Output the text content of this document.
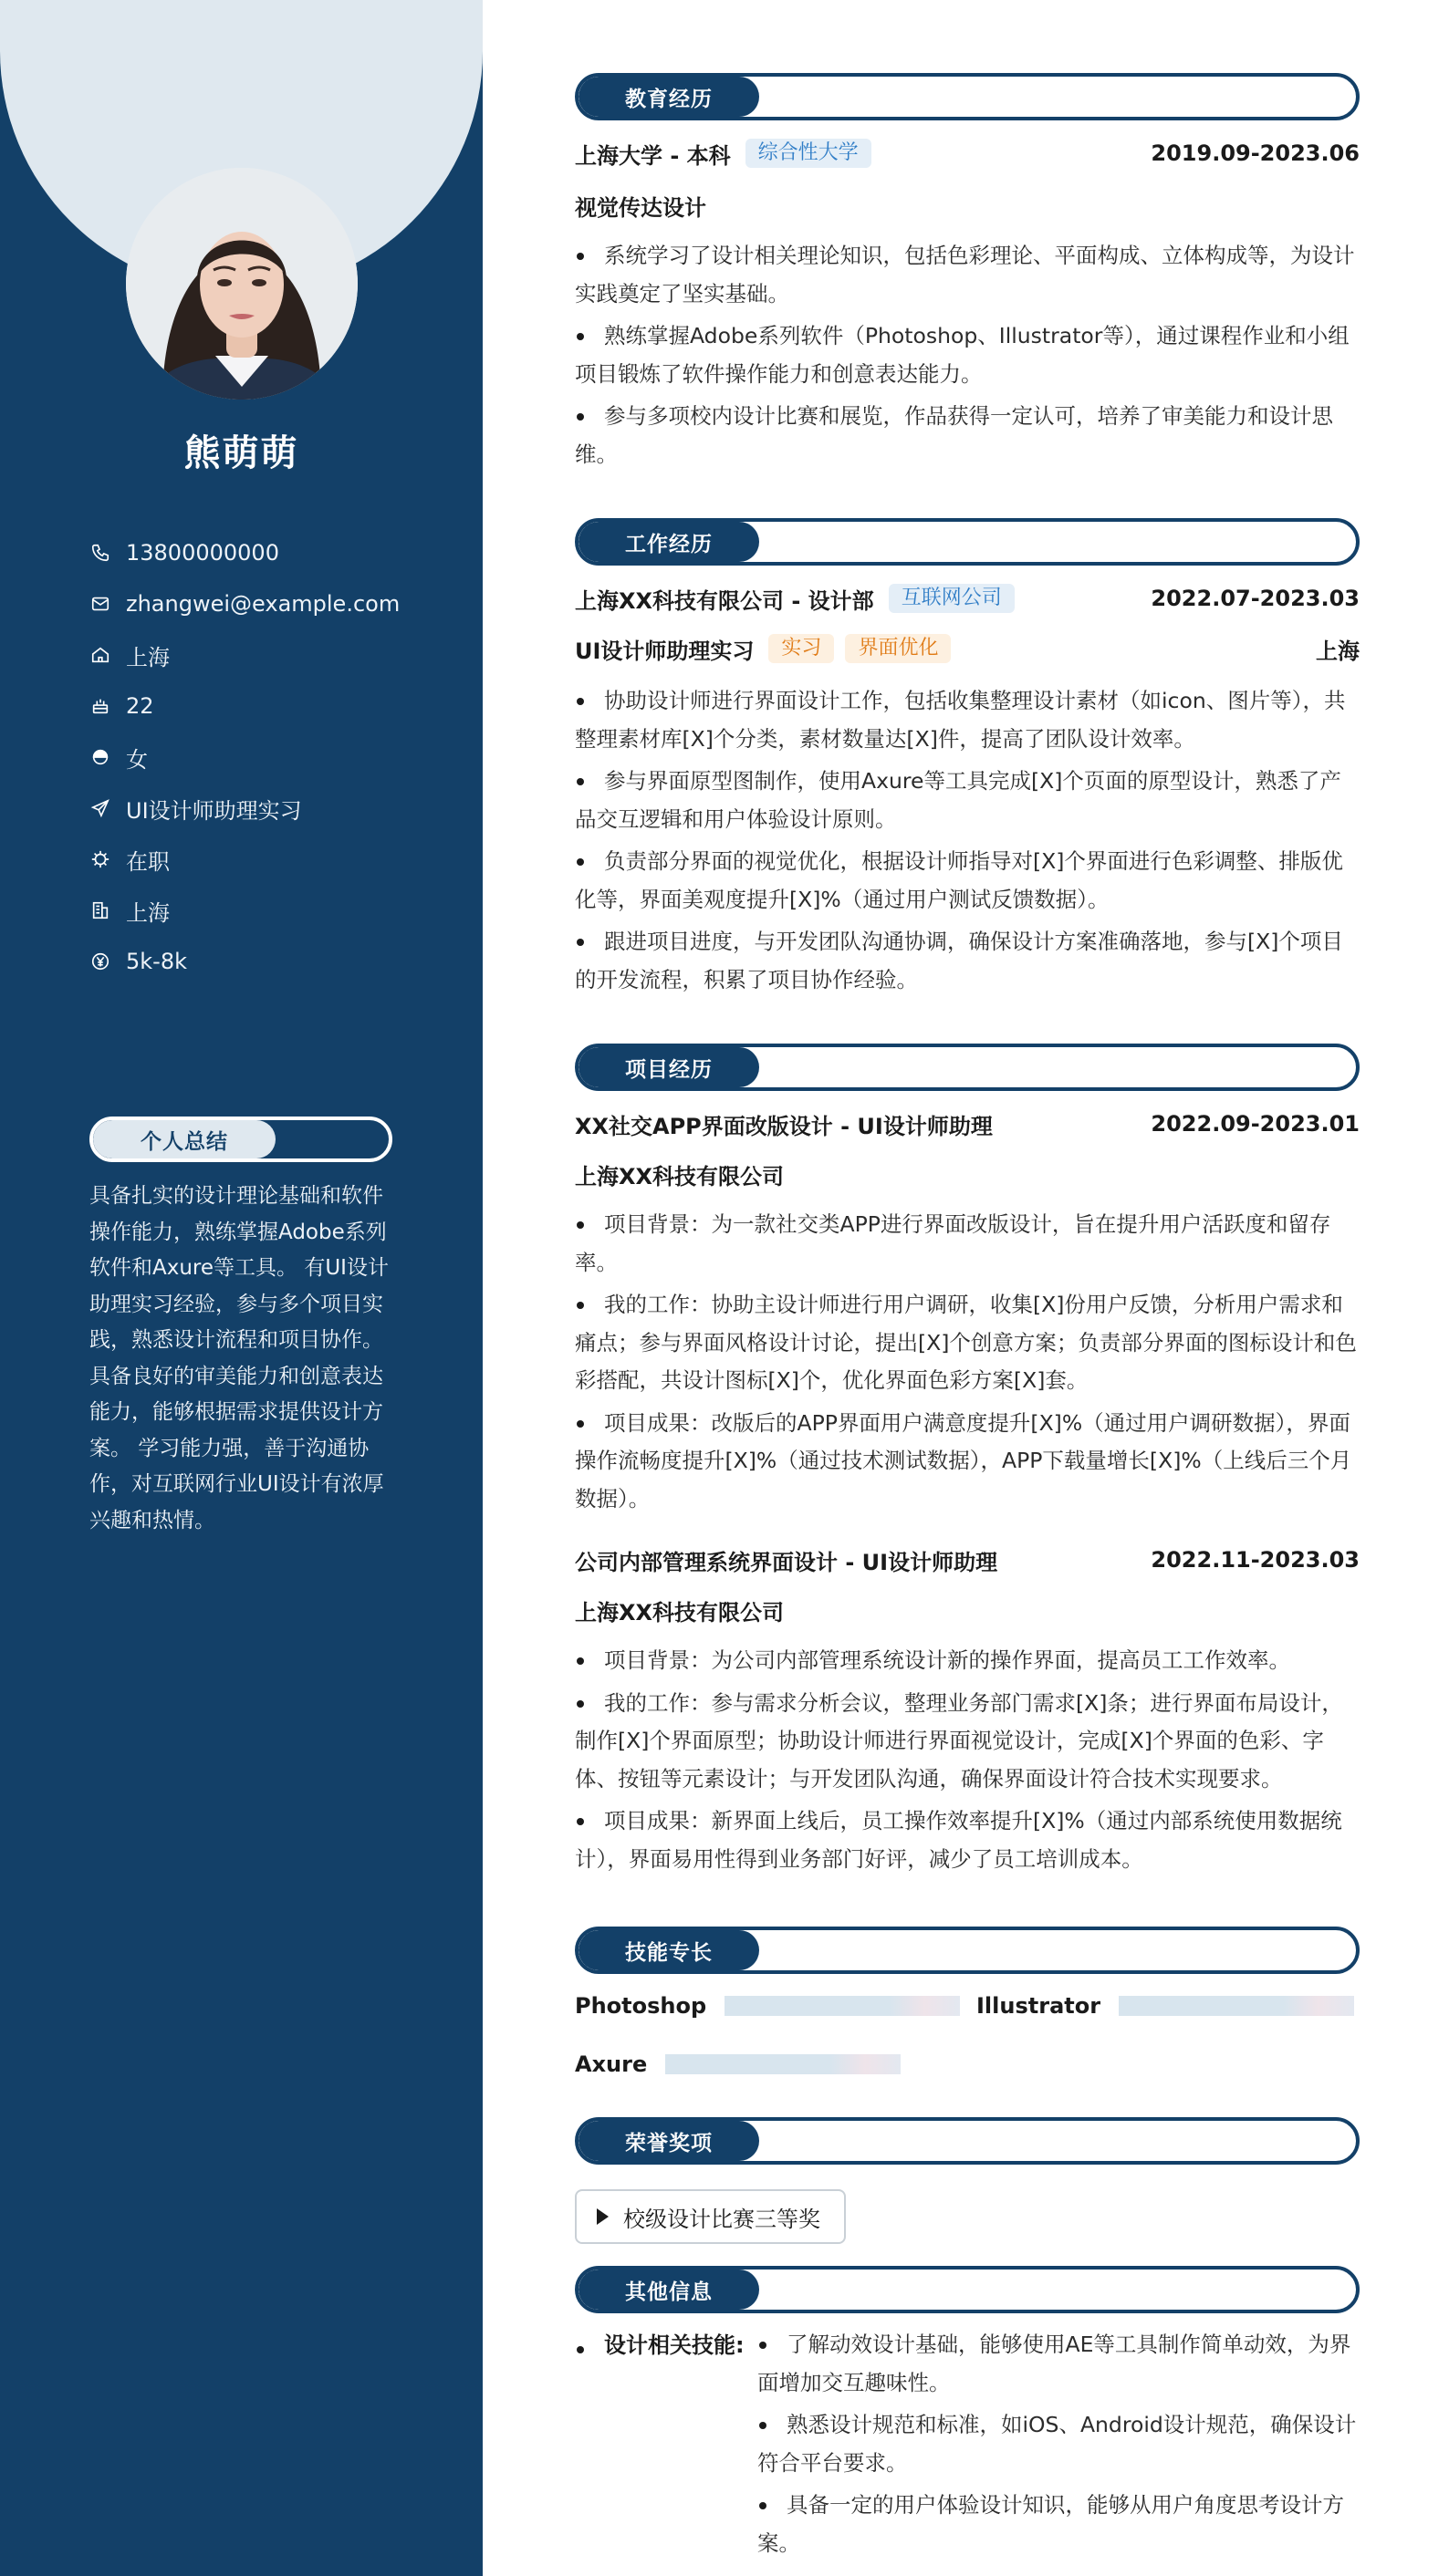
熊萌萌
13800000000
zhangwei@example.com
上海
22
女
UI设计师助理实习
在职
上海
5k-8k
个人总结

具备扎实的设计理论基础和软件操作能力，熟练掌握Adobe系列软件和Axure等工具。 有UI设计助理实习经验，参与多个项目实践，熟悉设计流程和项目协作。 具备良好的审美能力和创意表达能力，能够根据需求提供设计方案。 学习能力强，善于沟通协作，对互联网行业UI设计有浓厚兴趣和热情。

教育经历
上海大学 - 本科	综合性大学	2019.09-2023.06
视觉传达设计
系统学习了设计相关理论知识，包括色彩理论、平面构成、立体构成等，为设计实践奠定了坚实基础。
熟练掌握Adobe系列软件（Photoshop、Illustrator等），通过课程作业和小组项目锻炼了软件操作能力和创意表达能力。
参与多项校内设计比赛和展览，作品获得一定认可，培养了审美能力和设计思维。
工作经历
上海XX科技有限公司 - 设计部	互联网公司	2022.07-2023.03
UI设计师助理实习	实习	界面优化	上海
协助设计师进行界面设计工作，包括收集整理设计素材（如icon、图片等），共整理素材库[X]个分类，素材数量达[X]件，提高了团队设计效率。
参与界面原型图制作，使用Axure等工具完成[X]个页面的原型设计，熟悉了产品交互逻辑和用户体验设计原则。
负责部分界面的视觉优化，根据设计师指导对[X]个界面进行色彩调整、排版优化等，界面美观度提升[X]%（通过用户测试反馈数据）。
跟进项目进度，与开发团队沟通协调，确保设计方案准确落地，参与[X]个项目的开发流程，积累了项目协作经验。
项目经历
XX社交APP界面改版设计 - UI设计师助理	2022.09-2023.01
上海XX科技有限公司
项目背景：为一款社交类APP进行界面改版设计，旨在提升用户活跃度和留存率。
我的工作：协助主设计师进行用户调研，收集[X]份用户反馈，分析用户需求和痛点；参与界面风格设计讨论，提出[X]个创意方案；负责部分界面的图标设计和色彩搭配，共设计图标[X]个，优化界面色彩方案[X]套。
项目成果：改版后的APP界面用户满意度提升[X]%（通过用户调研数据），界面操作流畅度提升[X]%（通过技术测试数据），APP下载量增长[X]%（上线后三个月数据）。
公司内部管理系统界面设计 - UI设计师助理	2022.11-2023.03
上海XX科技有限公司
项目背景：为公司内部管理系统设计新的操作界面，提高员工工作效率。
我的工作：参与需求分析会议，整理业务部门需求[X]条；进行界面布局设计，制作[X]个界面原型；协助设计师进行界面视觉设计，完成[X]个界面的色彩、字体、按钮等元素设计；与开发团队沟通，确保界面设计符合技术实现要求。
项目成果：新界面上线后，员工操作效率提升[X]%（通过内部系统使用数据统计），界面易用性得到业务部门好评，减少了员工培训成本。
技能专长
Photoshop	Illustrator
Axure
荣誉奖项
校级设计比赛三等奖
其他信息
设计相关技能:	了解动效设计基础，能够使用AE等工具制作简单动效，为界面增加交互趣味性。
熟悉设计规范和标准，如iOS、Android设计规范，确保设计符合平台要求。
具备一定的用户体验设计知识，能够从用户角度思考设计方案。
